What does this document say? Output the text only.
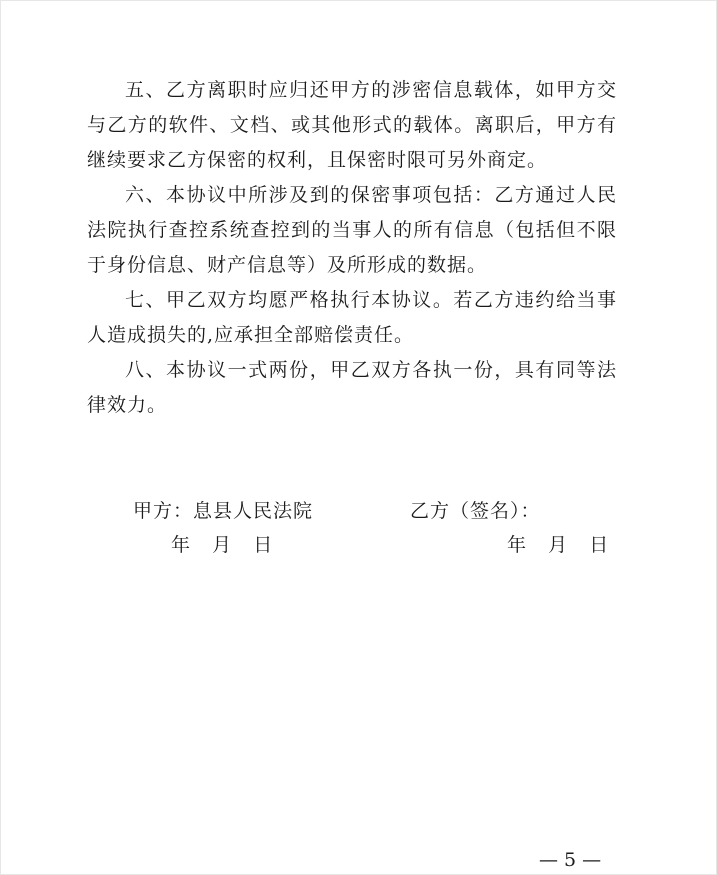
五、乙方离职时应归还甲方的涉密信息载体，如甲方交与乙方的软件、文档、或其他形式的载体。离职后，甲方有继续要求乙方保密的权利，且保密时限可另外商定。

六、本协议中所涉及到的保密事项包括：乙方通过人民法院执行查控系统查控到的当事人的所有信息（包括但不限于身份信息、财产信息等）及所形成的数据。

七、甲乙双方均愿严格执行本协议。若乙方违约给当事人造成损失的,应承担全部赔偿责任。

八、本协议一式两份，甲乙双方各执一份，具有同等法律效力。

甲方：息县人民法院	乙方（签名）：
年   月   日	年   月   日
— 5 —
